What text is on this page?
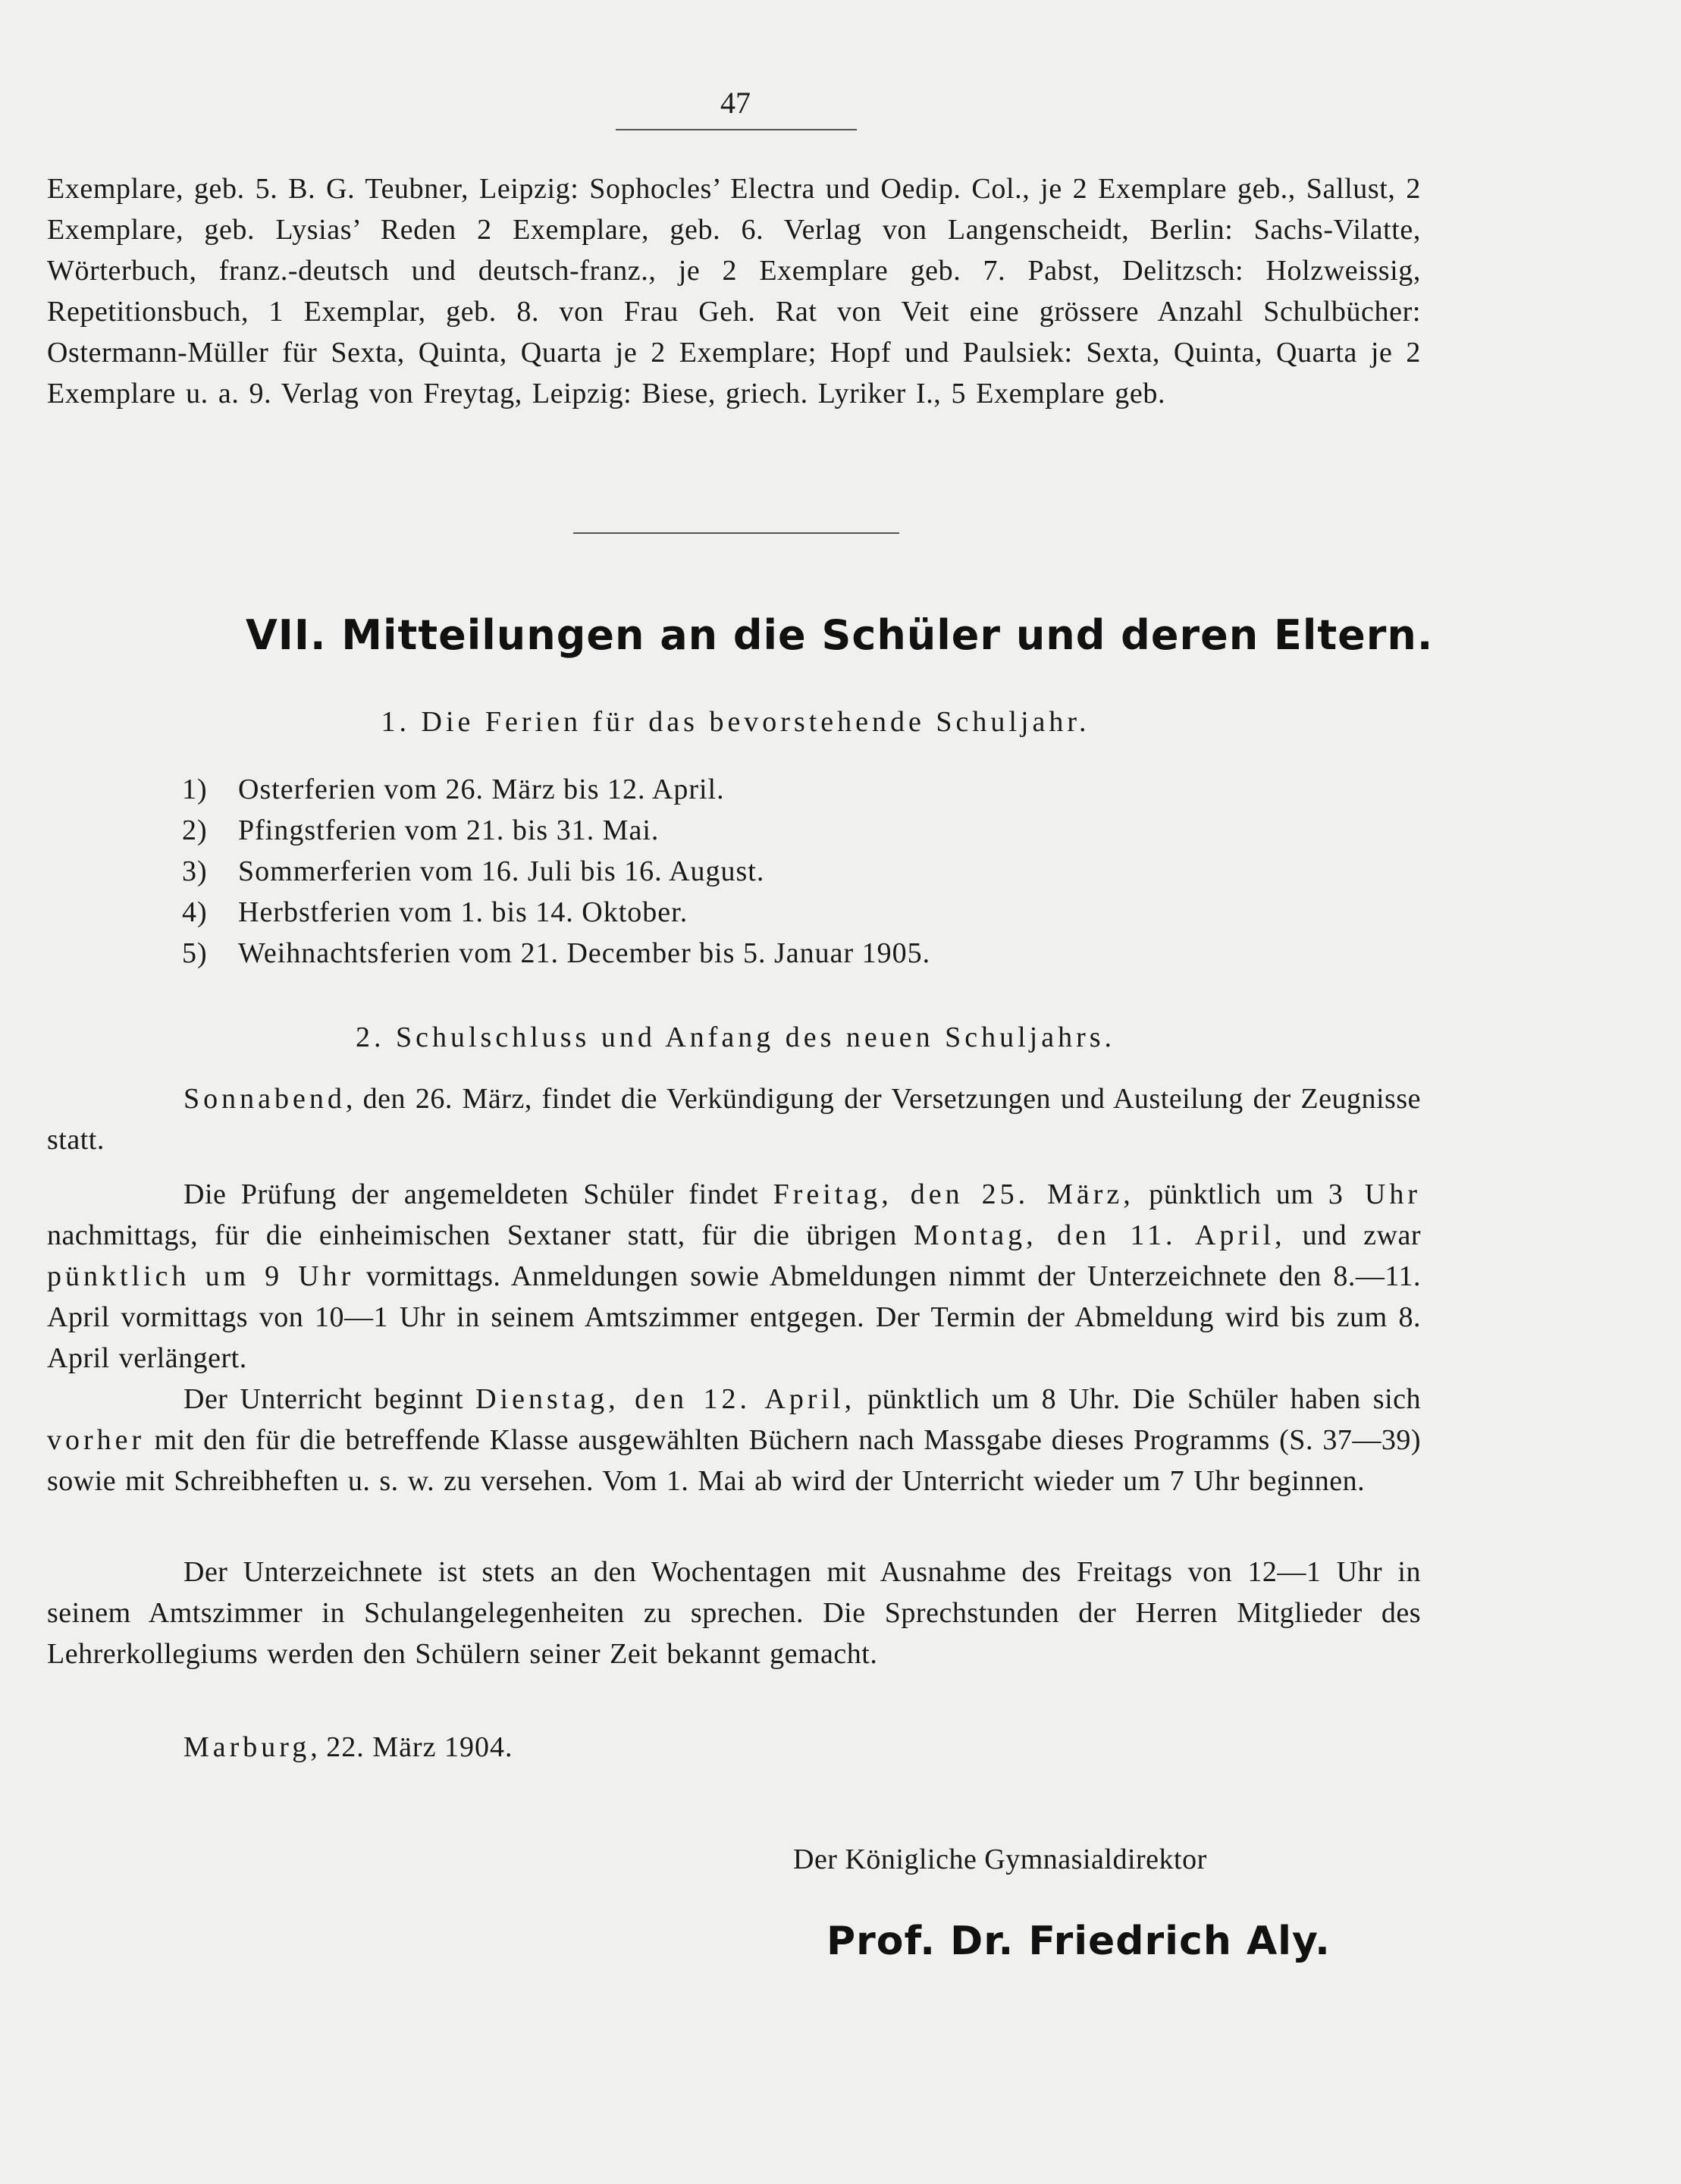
47
Exemplare, geb. 5. B. G. Teubner, Leipzig: Sophocles’ Electra und Oedip. Col., je 2 Exemplare geb., Sallust, 2 Exemplare, geb. Lysias’ Reden 2 Exemplare, geb. 6. Verlag von Langenscheidt, Berlin: Sachs-Vilatte, Wörterbuch, franz.-deutsch und deutsch-franz., je 2 Exemplare geb. 7. Pabst, Delitzsch: Holzweissig, Repetitionsbuch, 1 Exemplar, geb. 8. von Frau Geh. Rat von Veit eine grössere Anzahl Schulbücher: Ostermann-Müller für Sexta, Quinta, Quarta je 2 Exemplare; Hopf und Paulsiek: Sexta, Quinta, Quarta je 2 Exemplare u. a. 9. Verlag von Freytag, Leipzig: Biese, griech. Lyriker I., 5 Exemplare geb.
VII. Mitteilungen an die Schüler und deren Eltern.
1. Die Ferien für das bevorstehende Schuljahr.
1)	Osterferien vom 26. März bis 12. April.
2)	Pfingstferien vom 21. bis 31. Mai.
3)	Sommerferien vom 16. Juli bis 16. August.
4)	Herbstferien vom 1. bis 14. Oktober.
5)	Weihnachtsferien vom 21. December bis 5. Januar 1905.
2. Schulschluss und Anfang des neuen Schuljahrs.

Sonnabend, den 26. März, findet die Verkündigung der Versetzungen und Austeilung der Zeugnisse statt.

Die Prüfung der angemeldeten Schüler findet Freitag, den 25. März, pünktlich um 3 Uhr nachmittags, für die einheimischen Sextaner statt, für die übrigen Montag, den 11. April, und zwar pünktlich um 9 Uhr vormittags. Anmeldungen sowie Abmeldungen nimmt der Unterzeichnete den 8.—11. April vormittags von 10—1 Uhr in seinem Amtszimmer entgegen. Der Termin der Abmeldung wird bis zum 8. April verlängert.

Der Unterricht beginnt Dienstag, den 12. April, pünktlich um 8 Uhr. Die Schüler haben sich vorher mit den für die betreffende Klasse ausgewählten Büchern nach Massgabe dieses Programms (S. 37—39) sowie mit Schreibheften u. s. w. zu versehen. Vom 1. Mai ab wird der Unterricht wieder um 7 Uhr beginnen.

Der Unterzeichnete ist stets an den Wochentagen mit Ausnahme des Freitags von 12—1 Uhr in seinem Amtszimmer in Schulangelegenheiten zu sprechen. Die Sprechstunden der Herren Mitglieder des Lehrerkollegiums werden den Schülern seiner Zeit bekannt gemacht.

Marburg, 22. März 1904.
Der Königliche Gymnasialdirektor
Prof. Dr. Friedrich Aly.
